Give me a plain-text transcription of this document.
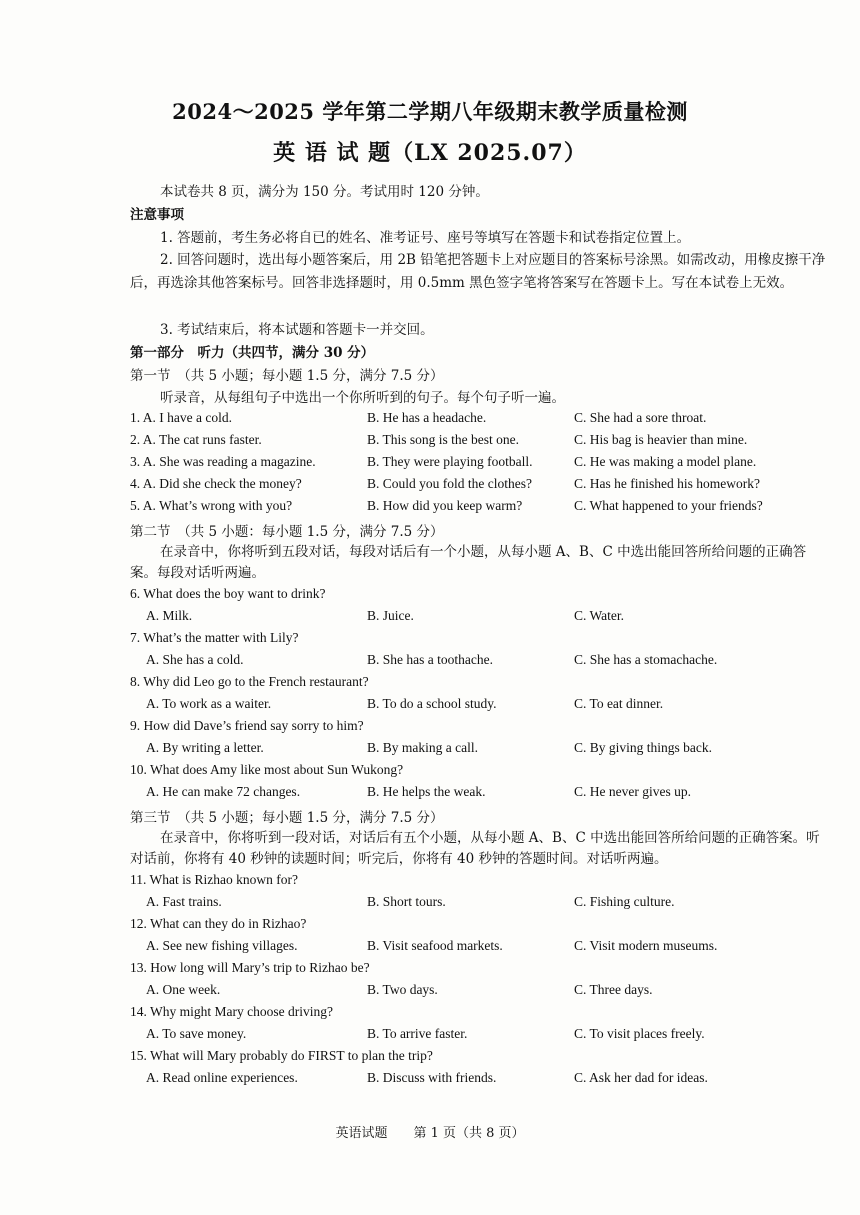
2024～2025 学年第二学期八年级期末教学质量检测
英 语 试 题（LX 2025.07）
本试卷共 8 页，满分为 150 分。考试用时 120 分钟。
注意事项
1. 答题前，考生务必将自已的姓名、准考证号、座号等填写在答题卡和试卷指定位置上。
2. 回答问题时，选出每小题答案后，用 2B 铅笔把答题卡上对应题目的答案标号涂黑。如需改动，用橡皮擦干净后，再选涂其他答案标号。回答非选择题时，用 0.5mm 黑色签字笔将答案写在答题卡上。写在本试卷上无效。
3. 考试结束后，将本试题和答题卡一并交回。
第一部分　听力（共四节，满分 30 分）
第一节　（共 5 小题；每小题 1.5 分，满分 7.5 分）
听录音，从每组句子中选出一个你所听到的句子。每个句子听一遍。
1. A. I have a cold.	B. He has a headache.	C. She had a sore throat.
2. A. The cat runs faster.	B. This song is the best one.	C. His bag is heavier than mine.
3. A. She was reading a magazine.	B. They were playing football.	C. He was making a model plane.
4. A. Did she check the money?	B. Could you fold the clothes?	C. Has he finished his homework?
5. A. What’s wrong with you?	B. How did you keep warm?	C. What happened to your friends?
第二节　（共 5 小题：每小题 1.5 分，满分 7.5 分）
在录音中，你将听到五段对话，每段对话后有一个小题，从每小题 A、B、C 中选出能回答所给问题的正确答案。每段对话听两遍。
6. What does the boy want to drink?
A. Milk.	B. Juice.	C. Water.
7. What’s the matter with Lily?
A. She has a cold.	B. She has a toothache.	C. She has a stomachache.
8. Why did Leo go to the French restaurant?
A. To work as a waiter.	B. To do a school study.	C. To eat dinner.
9. How did Dave’s friend say sorry to him?
A. By writing a letter.	B. By making a call.	C. By giving things back.
10. What does Amy like most about Sun Wukong?
A. He can make 72 changes.	B. He helps the weak.	C. He never gives up.
第三节　（共 5 小题；每小题 1.5 分，满分 7.5 分）
在录音中，你将听到一段对话，对话后有五个小题，从每小题 A、B、C 中选出能回答所给问题的正确答案。听对话前，你将有 40 秒钟的读题时间；听完后，你将有 40 秒钟的答题时间。对话听两遍。
11. What is Rizhao known for?
A. Fast trains.	B. Short tours.	C. Fishing culture.
12. What can they do in Rizhao?
A. See new fishing villages.	B. Visit seafood markets.	C. Visit modern museums.
13. How long will Mary’s trip to Rizhao be?
A. One week.	B. Two days.	C. Three days.
14. Why might Mary choose driving?
A. To save money.	B. To arrive faster.	C. To visit places freely.
15. What will Mary probably do FIRST to plan the trip?
A. Read online experiences.	B. Discuss with friends.	C. Ask her dad for ideas.
英语试题　　第 1 页（共 8 页）
